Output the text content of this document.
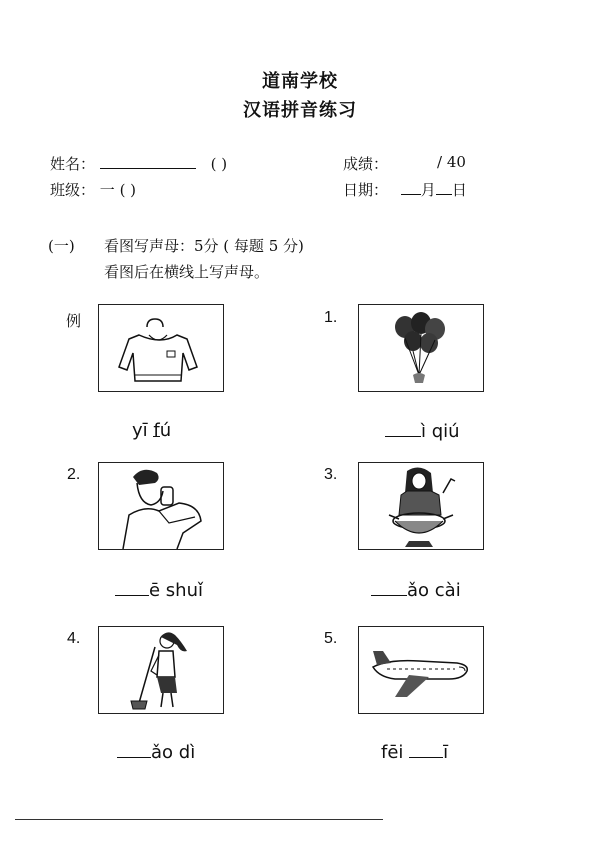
道南学校
汉语拼音练习
姓名：	( )	成绩：	/ 40
班级： 一 ( )	日期： 月 日
(一) 看图写声母：5分 ( 每题 5 分)
看图后在横线上写声母。
例	1.
2.	3.
4.	5.
yī fú	ì qiú
ē shuǐ	ǎo cài
ǎo dì	fēi ī
